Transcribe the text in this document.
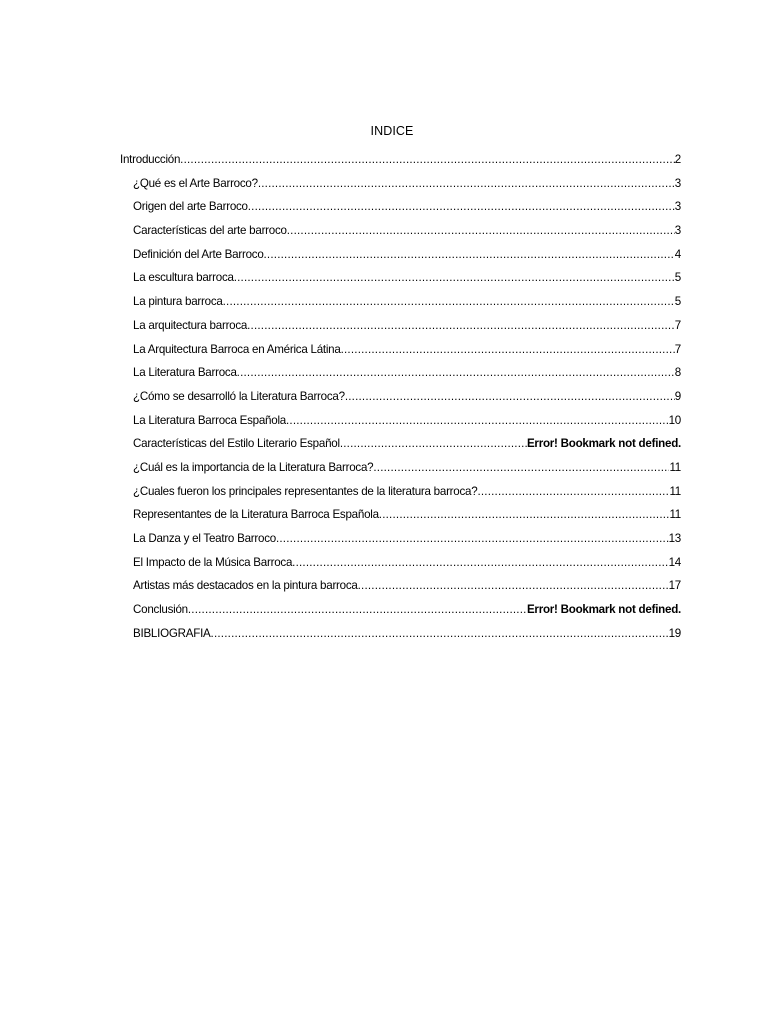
INDICE
Introducción .....	2
¿Qué es el Arte Barroco? .....	3
Origen del arte Barroco .....	3
Características del arte barroco .....	3
Definición del Arte Barroco .....	4
La escultura barroca .....	5
La pintura barroca .....	5
La arquitectura barroca .....	7
La Arquitectura Barroca en América Látina .....	7
La Literatura Barroca .....	8
¿Cómo se desarrolló la Literatura Barroca? .....	9
La Literatura Barroca Española .....	10
Características del Estilo Literario Español .....	Error! Bookmark not defined.
¿Cuál es la importancia de la Literatura Barroca? .....	11
¿Cuales fueron los principales representantes de la literatura barroca? .....	11
Representantes de la Literatura Barroca Española .....	11
La Danza y el Teatro Barroco .....	13
El Impacto de la Música Barroca .....	14
Artistas más destacados en la pintura barroca .....	17
Conclusión .....	Error! Bookmark not defined.
BIBLIOGRAFIA .....	19
